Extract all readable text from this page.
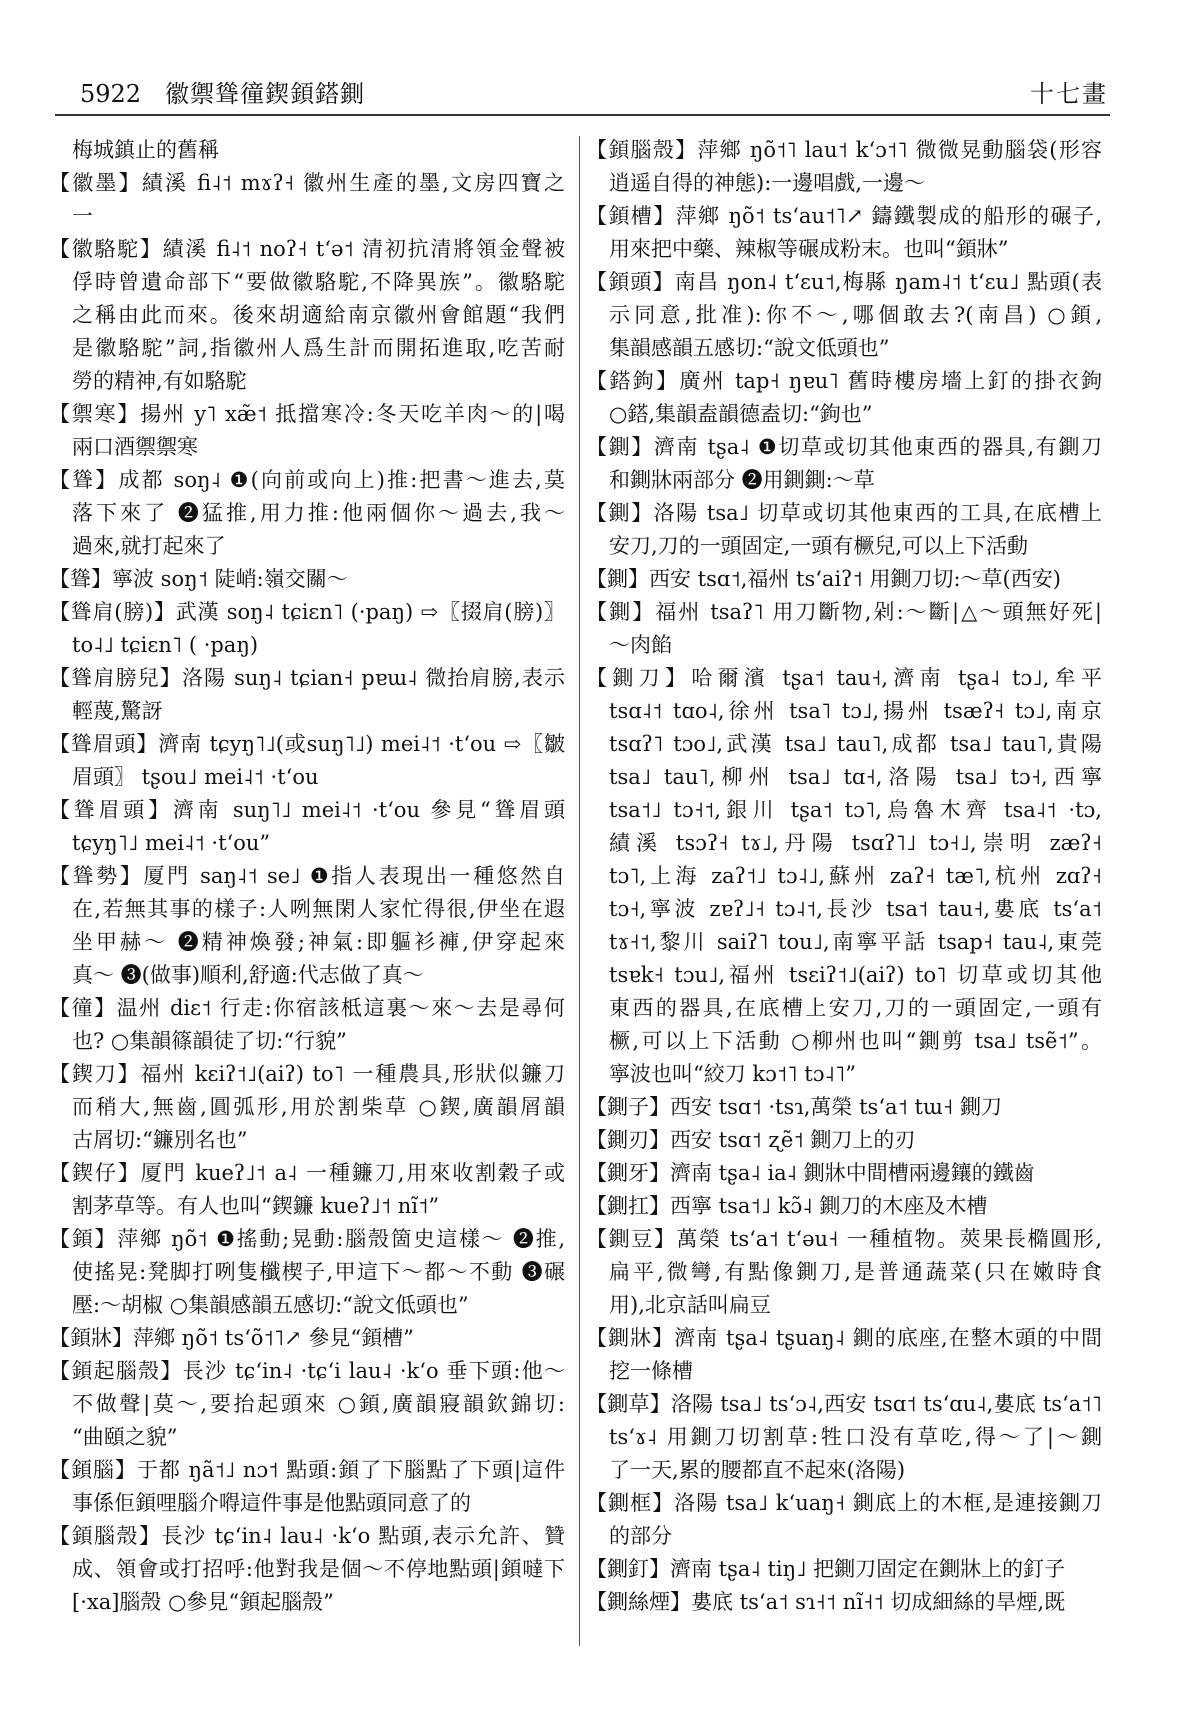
5922 徽禦聳徸鍥顉鎝鍘	十七畫
梅城鎮止的舊稱
【徽墨】績溪 fi˨˦ mɤʔ˧ 徽州生產的墨,文房四寶之
一
【徽駱駝】績溪 fi˨˦ noʔ˧ t‘ə˦ 清初抗清將領金聲被
俘時曾遺命部下“要做徽駱駝,不降異族”。徽駱駝
之稱由此而來。後來胡適給南京徽州會館題“我們
是徽駱駝”詞,指徽州人爲生計而開拓進取,吃苦耐
勞的精神,有如駱駝
【禦寒】揚州 y˥ xæ̃˦ 抵擋寒冷:冬天吃羊肉～的|喝
兩口酒禦禦寒
【聳】成都 soŋ˨ ❶(向前或向上)推:把書～進去,莫
落下來了 ❷猛推,用力推:他兩個你～過去,我～
過來,就打起來了
【聳】寧波 soŋ˦ 陡峭:嶺交關～
【聳肩(膀)】武漢 soŋ˨ tɕiɛn˥ (·paŋ) ⇨〖掇肩(膀)〗
to˨˩ tɕiɛn˥ ( ·paŋ)
【聳肩膀兒】洛陽 suŋ˨ tɕian˧ pɐɯ˨ 微抬肩膀,表示
輕蔑,驚訝
【聳眉頭】濟南 tɕyŋ˥˩(或suŋ˥˩) mei˨˦ ·t‘ou ⇨〖皺
眉頭〗 tʂou˩ mei˨˦ ·t‘ou
【聳眉頭】濟南 suŋ˥˩ mei˨˦ ·t‘ou 參見“聳眉頭
tɕyŋ˥˩ mei˨˦ ·t‘ou”
【聳勢】厦門 saŋ˨˦ se˩ ❶指人表現出一種悠然自
在,若無其事的樣子:人咧無閑人家忙得很,伊坐在遐
坐甲赫～ ❷精神煥發;神氣:即軀衫褲,伊穿起來
真～ ❸(做事)順利,舒適:代志做了真～
【徸】温州 diɛ˦ 行走:你宿該柢這裏～來～去是尋何
也? ○集韻篠韻徒了切:“行貌”
【鍥刀】福州 kɛiʔ˦˩(aiʔ) to˥ 一種農具,形狀似鐮刀
而稍大,無齒,圓弧形,用於割柴草 ○鍥,廣韻屑韻
古屑切:“鐮別名也”
【鍥仔】厦門 kueʔ˩˦ a˨ 一種鐮刀,用來收割穀子或
割茅草等。有人也叫“鍥鐮 kueʔ˩˦ nĩ˦”
【顉】萍鄉 ŋõ˦ ❶搖動;晃動:腦殼箇史這樣～ ❷推,
使搖晃:凳脚打咧隻櫼楔子,甲這下～都～不動 ❸碾
壓:～胡椒 ○集韻感韻五感切:“說文低頭也”
【顉牀】萍鄉 ŋõ˦ ts‘õ˦˥↗ 參見“顉槽”
【顉起腦殼】長沙 tɕ‘in˨ ·tɕ‘i lau˨ ·k‘o 垂下頭:他～
不做聲|莫～,要抬起頭來 ○顉,廣韻寢韻欽錦切:
“曲頤之貌”
【顉腦】于都 ŋã˦˩ nɔ˦ 點頭:顉了下腦點了下頭|這件
事係佢顉哩腦介嘚這件事是他點頭同意了的
【顉腦殼】長沙 tɕ‘in˨ lau˨ ·k‘o 點頭,表示允許、贊
成、領會或打招呼:他對我是個～不停地點頭|顉噠下
[·xa]腦殼 ○參見“顉起腦殼”
【顉腦殼】萍鄉 ŋõ˦˥ lau˦ k‘ɔ˦˥ 微微晃動腦袋(形容
逍遥自得的神態):一邊唱戲,一邊～
【顉槽】萍鄉 ŋõ˦ ts‘au˦˥↗ 鑄鐵製成的船形的碾子,
用來把中藥、辣椒等碾成粉末。也叫“顉牀”
【顉頭】南昌 ŋon˨ t‘ɛu˦,梅縣 ŋam˨˦ t‘ɛu˩ 點頭(表
示同意,批准):你不～,哪個敢去?(南昌) ○顉,
集韻感韻五感切:“說文低頭也”
【鎝鉤】廣州 tap˧ ŋɐu˥ 舊時樓房墻上釘的掛衣鉤
○鎝,集韻盍韻德盍切:“鉤也”
【鍘】濟南 tʂa˨ ❶切草或切其他東西的器具,有鍘刀
和鍘牀兩部分 ❷用鍘鍘:～草
【鍘】洛陽 tsa˩ 切草或切其他東西的工具,在底槽上
安刀,刀的一頭固定,一頭有橛兒,可以上下活動
【鍘】西安 tsɑ˦,福州 ts‘aiʔ˦ 用鍘刀切:～草(西安)
【鍘】福州 tsaʔ˥ 用刀斷物,剁:～斷|△～頭無好死|
～肉餡
【鍘刀】哈爾濱 tʂa˦ tau˧,濟南 tʂa˨ tɔ˩,牟平
tsɑ˨˦ tɑo˨,徐州 tsa˥ tɔ˩,揚州 tsæʔ˧ tɔ˩,南京
tsɑʔ˥ tɔo˩,武漢 tsa˩ tau˥,成都 tsa˩ tau˥,貴陽
tsa˩ tau˥,柳州 tsa˩ tɑ˧,洛陽 tsa˩ tɔ˧,西寧
tsa˦˩ tɔ˧˦,銀川 tʂa˦ tɔ˥,烏魯木齊 tsa˨˦ ·tɔ,
績溪 tsɔʔ˧ tɤ˩,丹陽 tsɑʔ˥˩ tɔ˧˩,崇明 zæʔ˧
tɔ˥,上海 zaʔ˦˩ tɔ˨˩,蘇州 zaʔ˧ tæ˥,杭州 zɑʔ˧
tɔ˧,寧波 zɐʔ˩˧ tɔ˨˦,長沙 tsa˦ tau˧,婁底 ts‘a˦
tɤ˧˦,黎川 saiʔ˥ tou˩,南寧平話 tsap˧ tau˨,東莞
tsɐk˧ tɔu˩,福州 tsɛiʔ˦˩(aiʔ) to˥ 切草或切其他
東西的器具,在底槽上安刀,刀的一頭固定,一頭有
橛,可以上下活動 ○柳州也叫“鍘剪 tsa˩ tsẽ˦”。
寧波也叫“絞刀 kɔ˦˥ tɔ˨˥”
【鍘子】西安 tsɑ˦ ·tsɿ,萬榮 ts‘a˦ tɯ˧ 鍘刀
【鍘刃】西安 tsɑ˦ ʐẽ˦ 鍘刀上的刃
【鍘牙】濟南 tʂa˨ ia˨ 鍘牀中間槽兩邊鑲的鐵齒
【鍘扛】西寧 tsa˦˩ kɔ̃˨ 鍘刀的木座及木槽
【鍘豆】萬榮 ts‘a˦ t‘əu˧ 一種植物。莢果長橢圓形,
扁平,微彎,有點像鍘刀,是普通蔬菜(只在嫩時食
用),北京話叫扁豆
【鍘牀】濟南 tʂa˨ tʂuaŋ˨ 鍘的底座,在整木頭的中間
挖一條槽
【鍘草】洛陽 tsa˩ ts‘ɔ˨,西安 tsɑ˦ ts‘ɑu˨,婁底 ts‘a˦˥
ts‘ɤ˨ 用鍘刀切割草:牲口没有草吃,得～了|～鍘
了一天,累的腰都直不起來(洛陽)
【鍘框】洛陽 tsa˩ k‘uaŋ˧ 鍘底上的木框,是連接鍘刀
的部分
【鍘釘】濟南 tʂa˨ tiŋ˩ 把鍘刀固定在鍘牀上的釘子
【鍘絲煙】婁底 ts‘a˦ sɿ˧˦ nĩ˧˦ 切成細絲的旱煙,既
